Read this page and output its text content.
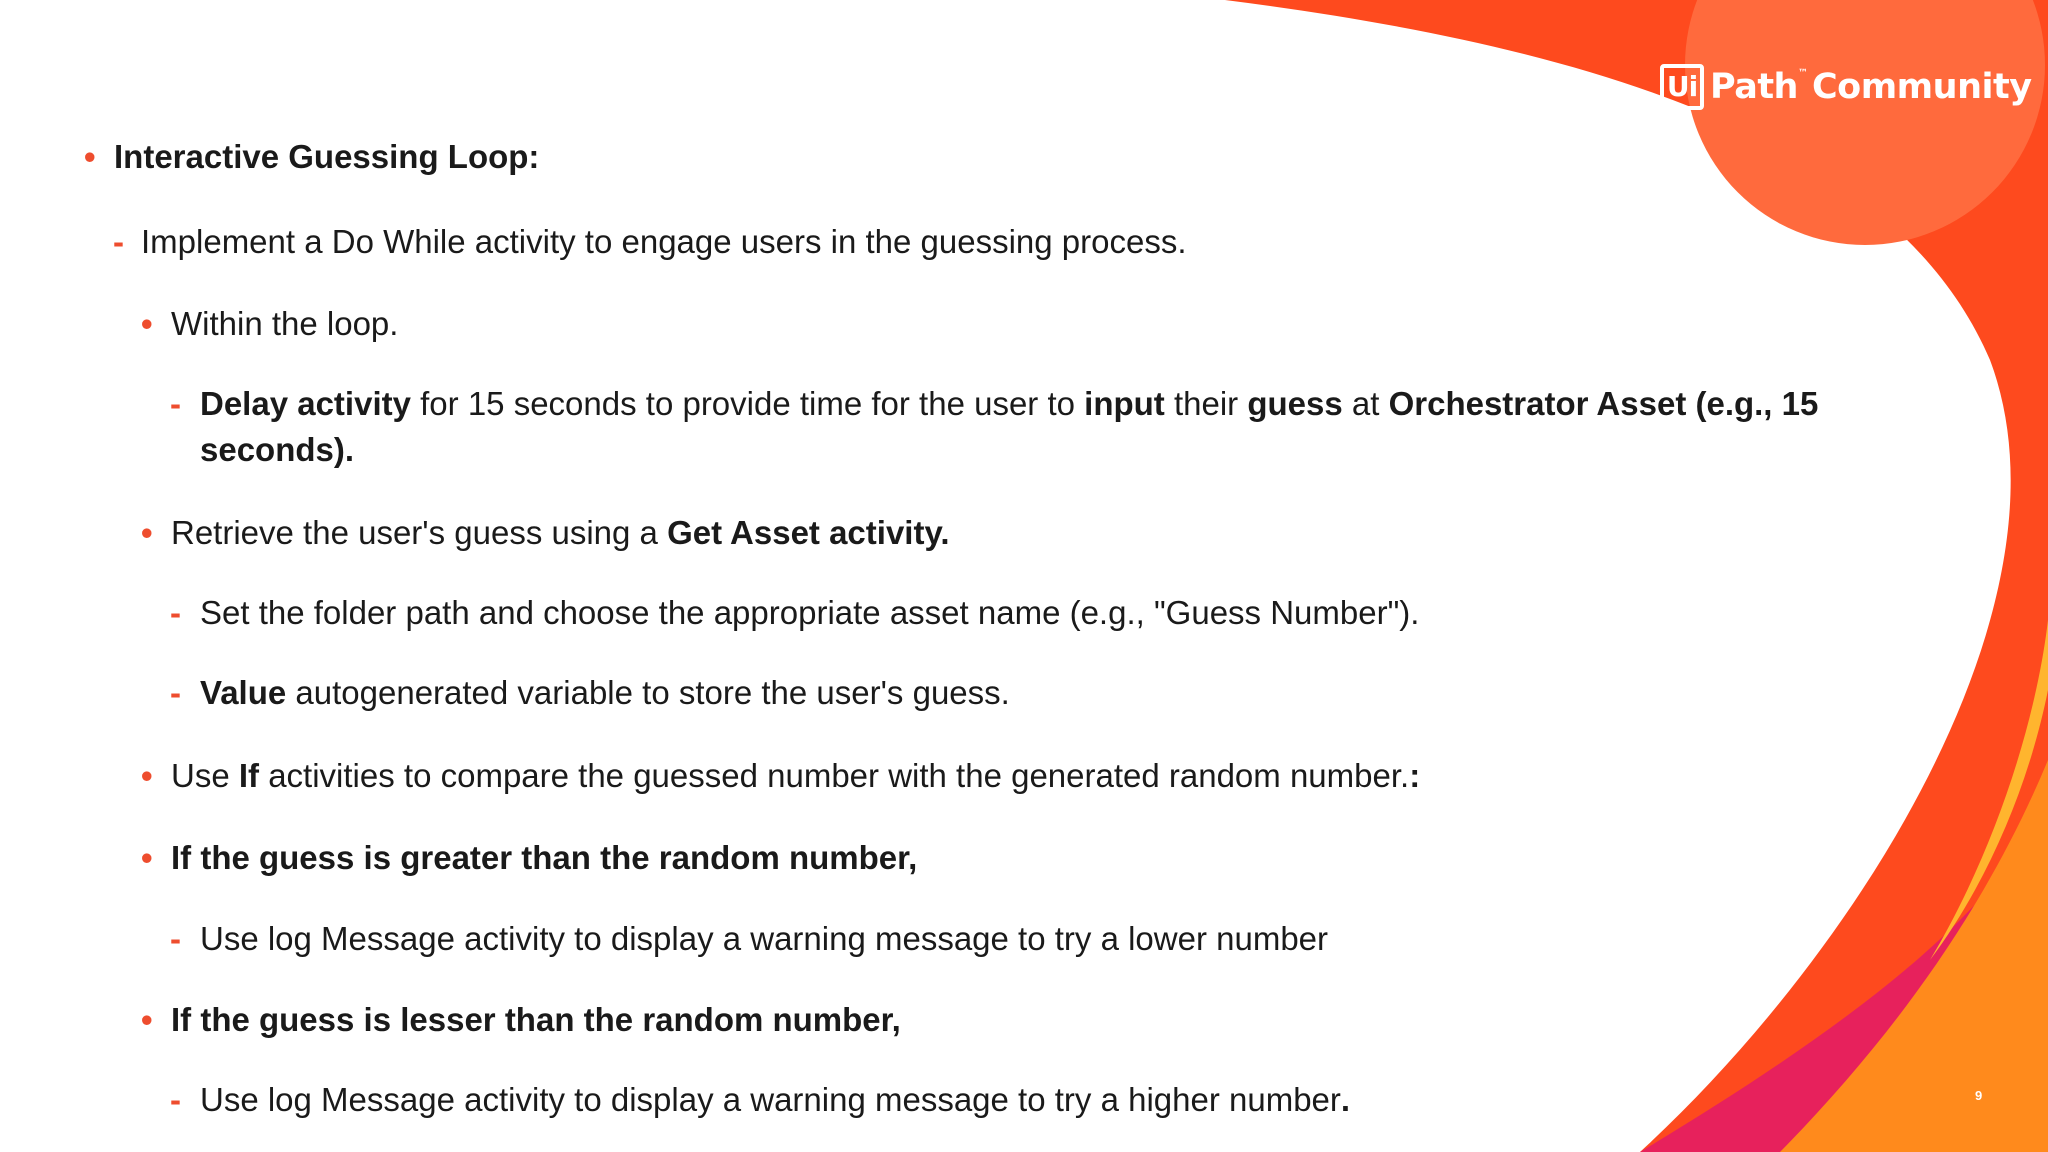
Ui Path ™ Community
• Interactive Guessing Loop:
- Implement a Do While activity to engage users in the guessing process.
• Within the loop.
- Delay activity for 15 seconds to provide time for the user to input their guess at Orchestrator Asset (e.g., 15 seconds).
• Retrieve the user's guess using a Get Asset activity.
- Set the folder path and choose the appropriate asset name (e.g., "Guess Number").
- Value autogenerated variable to store the user's guess.
• Use If activities to compare the guessed number with the generated random number.:
• If the guess is greater than the random number,
- Use log Message activity to display a warning message to try a lower number
• If the guess is lesser than the random number,
- Use log Message activity to display a warning message to try a higher number.	9
